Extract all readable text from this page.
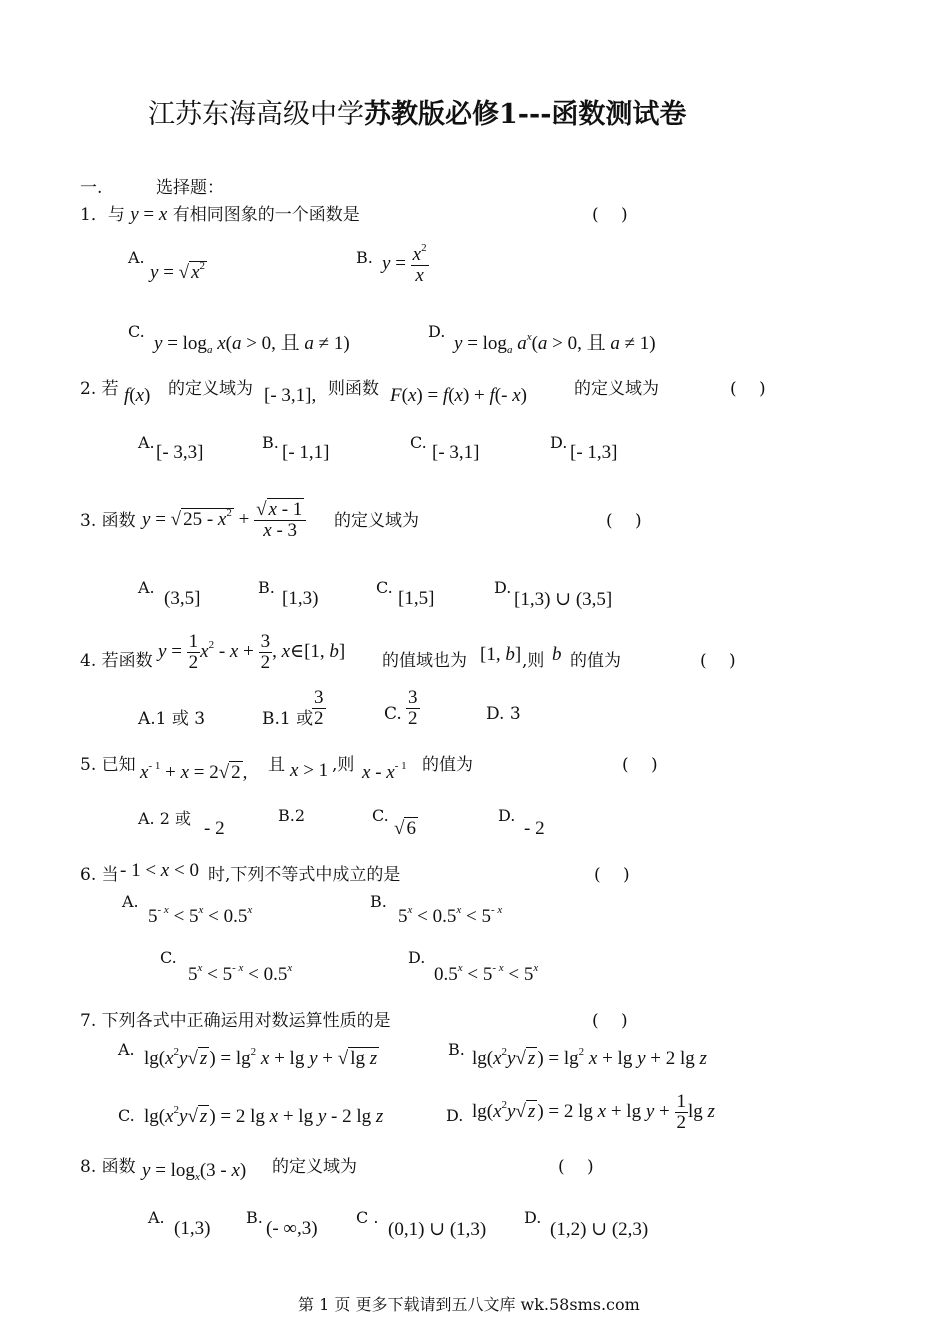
江苏东海高级中学苏教版必修1---函数测试卷
一.	选择题：
1．与 y = x 有相同图象的一个函数是	(　 )
A.
y = √ $x^2$	B. $y = \frac{x^2}{x}$
C.
$y = \log_a x(a > 0$, 且 a ≠ 1)
D.
$y = \log_a a^x(a > 0$, 且 a ≠ 1)
2. 若 f(x) 的定义域为 [- 3,1], 则函数 F(x) = f(x) + f(- x)	的定义域为	(　 )
A. [- 3,3]	B. [- 1,1]	C. [- 3,1]	D. [- 1,3]
3. 函数 y = √ $25 - x^2 + \frac{√ x - 1}{x - 3}$ 的定义域为	(　 )
A.
(3,5]
B.
[1,3)
C.
[1,5]
D.
[1,3) ∪ (3,5]
4. 若函数 $y = \frac{1}{2} x^2 - x + \frac{3}{2}$ , x∈[1, b] 的值域也为 [1, b] ,则 b 的值为	(　 )
A.1 或 3	B.1 或
$\frac{3}{2}$	C. $\frac{3}{2}$	D. 3
5. 已知 $x^{- 1} + x = 2√$ 2 , 且 x > 1 ,则 x - $x^{- 1}$ 的值为	(　 )
A. 2 或 - 2
B.2	C.
√ 6
D.
- 2
6. 当 - 1 < x < 0 时,下列不等式中成立的是	(　 )
A.
$5^{- x} < 5^x < 0.5^x$	B.
$5^x < 0.5^x < 5^{- x}$
C.
$5^x < 5^{- x} < 0.5^x$
D.
$0.5^x < 5^{- x} < 5^x$
7. 下列各式中正确运用对数运算性质的是	(　 )
A. $\lg(x^2y√$ z ) = $\lg^2 x + \lg y$ + √ lg z	B. $\lg(x^2y√$ z ) = $\lg^2 x + \lg y + 2$ lg z
C. $\lg(x^2y√$ z ) = 2 lg x + lg y - 2 lg z	D. $\lg(x^2y√$ z ) = 2 $\lg x + \lg y + \frac{1}{2}$ lg z
8. 函数 $y = \log_x(3 - x)$ 的定义域为	(　 )
A.
(1,3)
B.
(- ∞,3)
C .
(0,1) ∪ (1,3)
D.
(1,2) ∪ (2,3)
第 1 页 更多下载请到五八文库 wk.58sms.com
